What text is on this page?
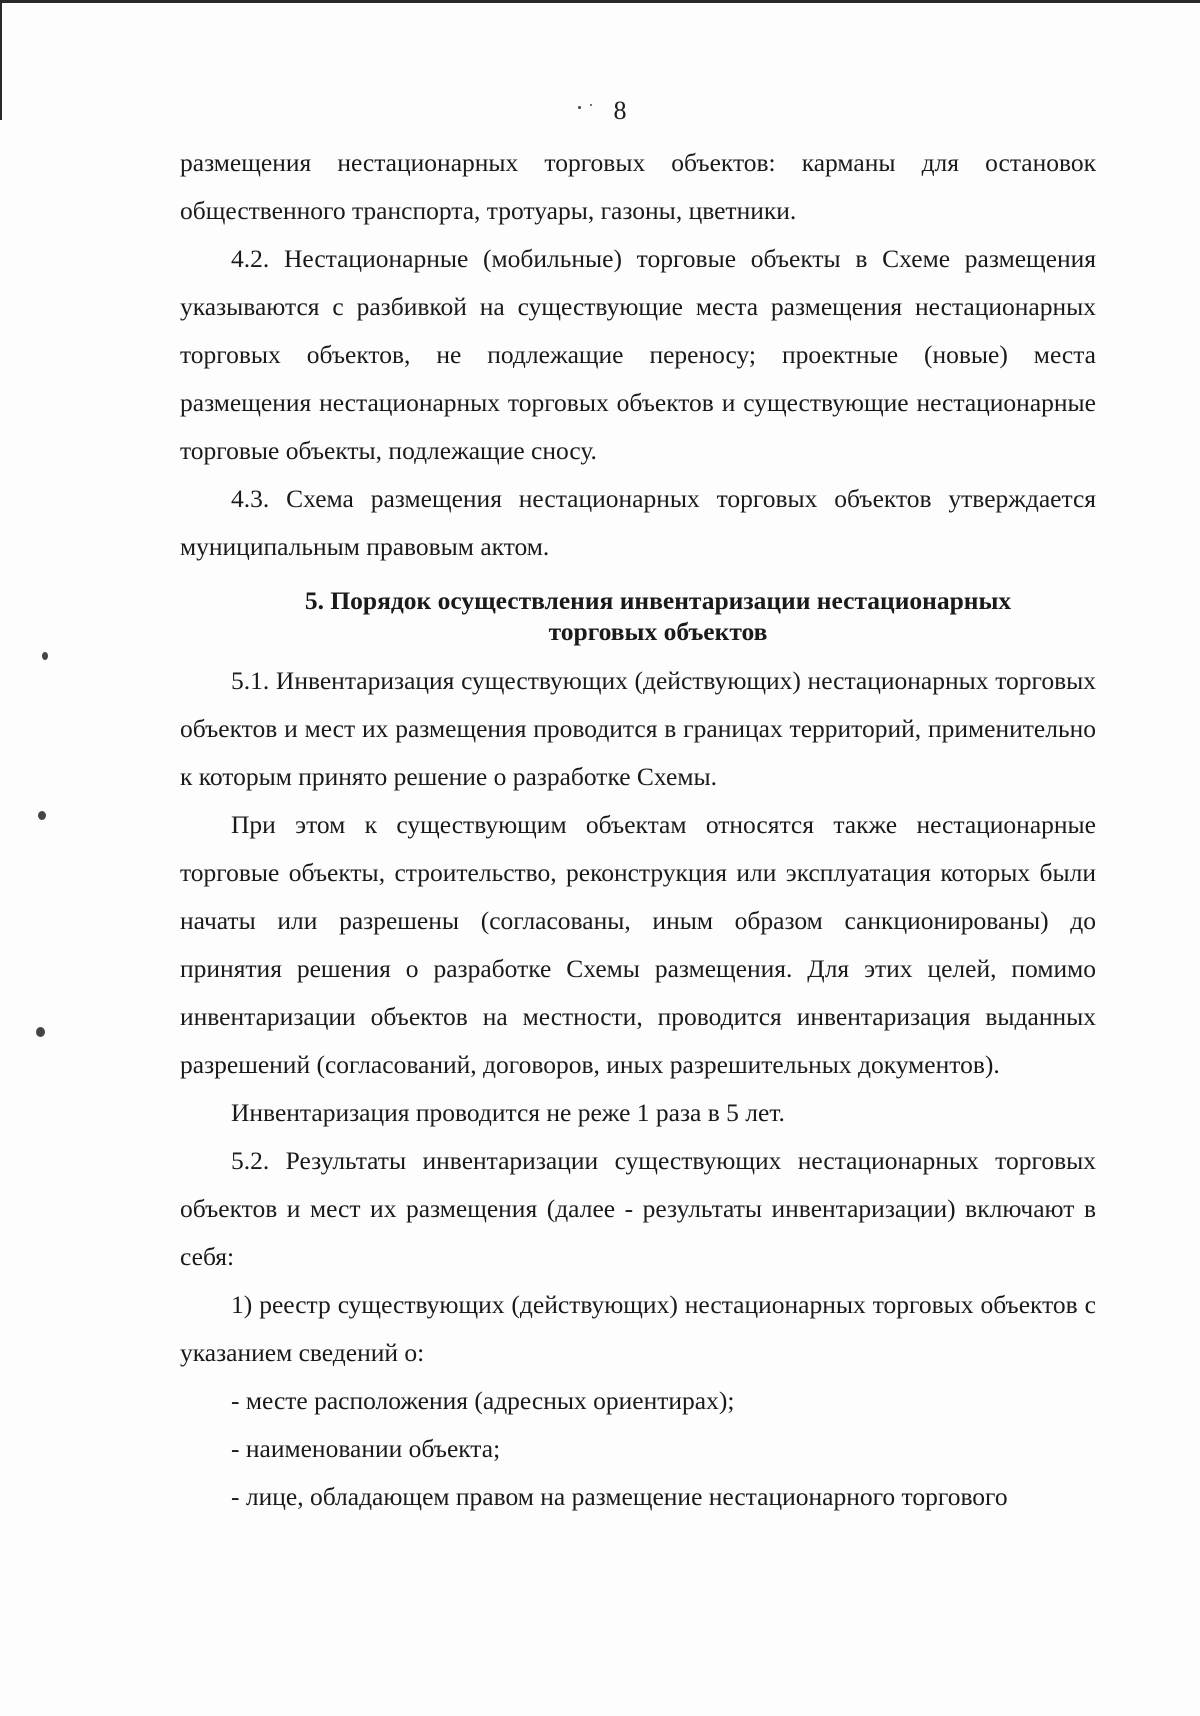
8

размещения нестационарных торговых объектов: карманы для остановок общественного транспорта, тротуары, газоны, цветники.

4.2. Нестационарные (мобильные) торговые объекты в Схеме размещения указываются с разбивкой на существующие места размещения нестационарных торговых объектов, не подлежащие переносу; проектные (новые) места размещения нестационарных торговых объектов и существующие нестационарные торговые объекты, подлежащие сносу.

4.3. Схема размещения нестационарных торговых объектов утверждается муниципальным правовым актом.

5. Порядок осуществления инвентаризации нестационарных
торговых объектов

5.1. Инвентаризация существующих (действующих) нестационарных торговых объектов и мест их размещения проводится в границах территорий, применительно к которым принято решение о разработке Схемы.

При этом к существующим объектам относятся также нестационарные торговые объекты, строительство, реконструкция или эксплуатация которых были начаты или разрешены (согласованы, иным образом санкционированы) до принятия решения о разработке Схемы размещения. Для этих целей, помимо инвентаризации объектов на местности, проводится инвентаризация выданных разрешений (согласований, договоров, иных разрешительных документов).

Инвентаризация проводится не реже 1 раза в 5 лет.

5.2. Результаты инвентаризации существующих нестационарных торговых объектов и мест их размещения (далее - результаты инвентаризации) включают в себя:

1) реестр существующих (действующих) нестационарных торговых объектов с указанием сведений о:

- месте расположения (адресных ориентирах);

- наименовании объекта;

- лице, обладающем правом на размещение нестационарного торгового
